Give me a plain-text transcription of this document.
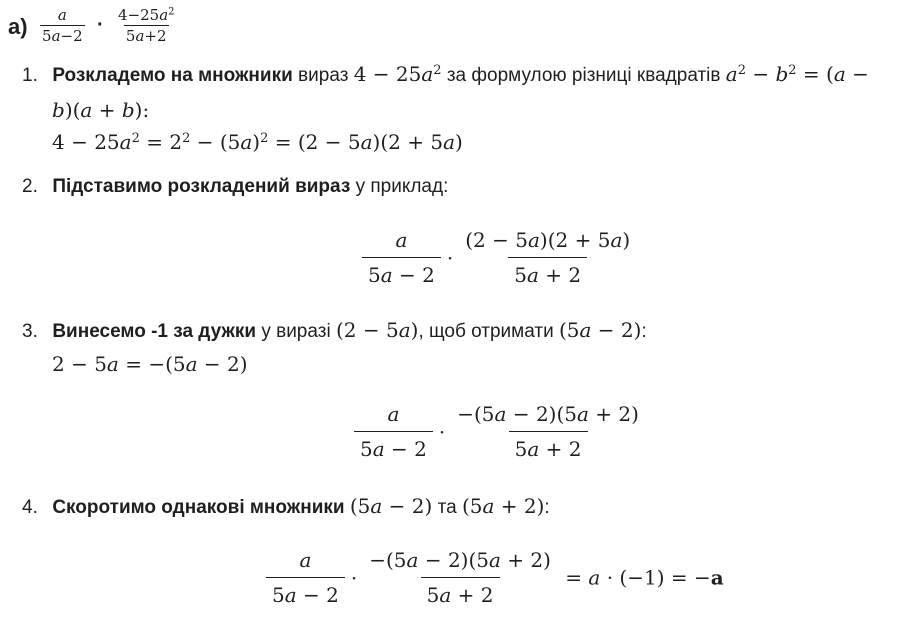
$а) \frac{a}{5a-2} \cdot \frac{4-25a^2}{5a+2}$
1. Розкладемо на множники вираз $4 - 25a^2$ за формулою різниці квадратів $a^2 - b^2 = (a$ −
b)(a + b):
$4 - 25a^2 = 2^2 - (5a)^2 = (2 - 5a)(2 + 5a)$
2. Підставимо розкладений вираз у приклад:
$\frac{a}{5a - 2} \cdot \frac{(2 - 5a)(2 + 5a)}{5a + 2}$
3. Винесемо -1 за дужки у виразі (2 − 5a), щоб отримати (5a − 2):
2 − 5a = −(5a − 2)
$\frac{a}{5a - 2} \cdot \frac{-(5a - 2)(5a + 2)}{5a + 2}$
4. Скоротимо однакові множники (5a − 2) та (5a + 2):
$\frac{a}{5a - 2} \cdot \frac{-(5a - 2)(5a + 2)}{5a + 2} = a \cdot (-1) = -a$
